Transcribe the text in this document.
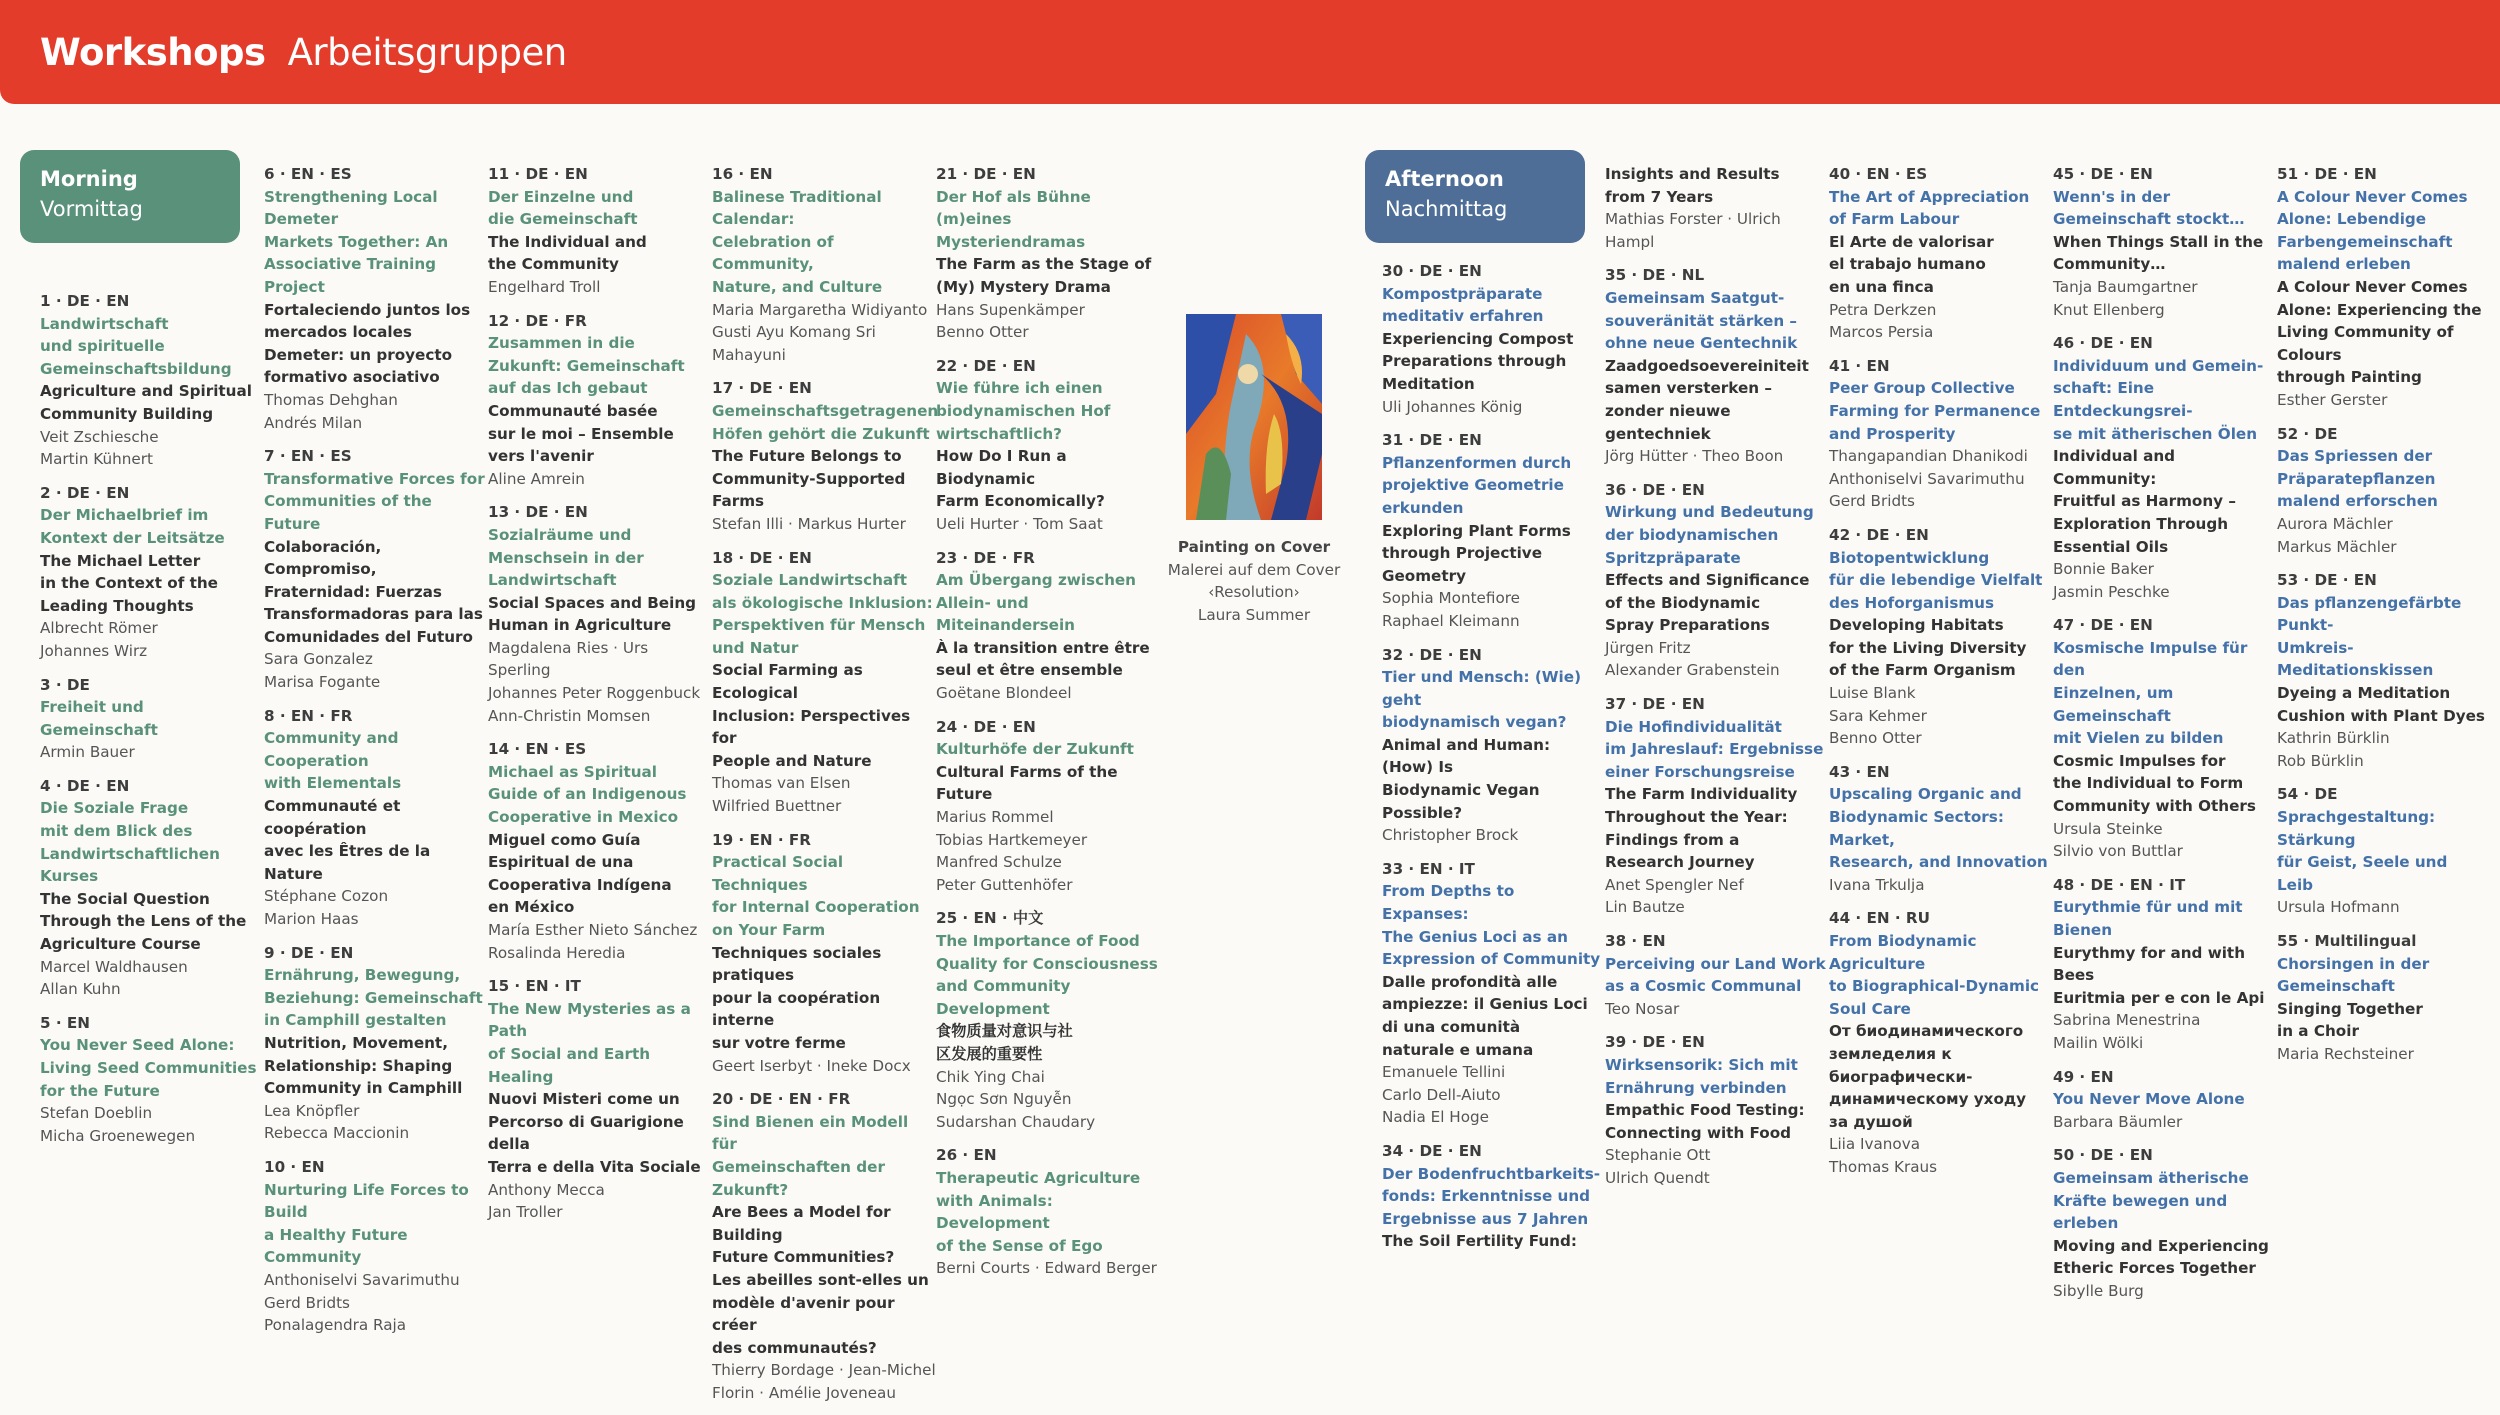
Workshops Arbeitsgruppen
Morning
Vormittag
Afternoon
Nachmittag
1 · DE · EN
Landwirtschaft
und spirituelle
Gemeinschaftsbildung
Agriculture and Spiritual
Community Building
Veit Zschiesche
Martin Kühnert
2 · DE · EN
Der Michaelbrief im
Kontext der Leitsätze
The Michael Letter
in the Context of the
Leading Thoughts
Albrecht Römer
Johannes Wirz
3 · DE
Freiheit und
Gemeinschaft
Armin Bauer
4 · DE · EN
Die Soziale Frage
mit dem Blick des
Landwirtschaftlichen
Kurses
The Social Question
Through the Lens of the
Agriculture Course
Marcel Waldhausen
Allan Kuhn
5 · EN
You Never Seed Alone:
Living Seed Communities
for the Future
Stefan Doeblin
Micha Groenewegen
6 · EN · ES
Strengthening Local Demeter
Markets Together: An
Associative Training Project
Fortaleciendo juntos los
mercados locales
Demeter: un proyecto
formativo asociativo
Thomas Dehghan
Andrés Milan
7 · EN · ES
Transformative Forces for
Communities of the Future
Colaboración, Compromiso,
Fraternidad: Fuerzas
Transformadoras para las
Comunidades del Futuro
Sara Gonzalez
Marisa Fogante
8 · EN · FR
Community and Cooperation
with Elementals
Communauté et coopération
avec les Êtres de la Nature
Stéphane Cozon
Marion Haas
9 · DE · EN
Ernährung, Bewegung,
Beziehung: Gemeinschaft
in Camphill gestalten
Nutrition, Movement,
Relationship: Shaping
Community in Camphill
Lea Knöpfler
Rebecca Maccionin
10 · EN
Nurturing Life Forces to Build
a Healthy Future Community
Anthoniselvi Savarimuthu
Gerd Bridts
Ponalagendra Raja
11 · DE · EN
Der Einzelne und
die Gemeinschaft
The Individual and
the Community
Engelhard Troll
12 · DE · FR
Zusammen in die
Zukunft: Gemeinschaft
auf das Ich gebaut
Communauté basée
sur le moi – Ensemble
vers l'avenir
Aline Amrein
13 · DE · EN
Sozialräume und
Menschsein in der
Landwirtschaft
Social Spaces and Being
Human in Agriculture
Magdalena Ries · Urs Sperling
Johannes Peter Roggenbuck
Ann-Christin Momsen
14 · EN · ES
Michael as Spiritual
Guide of an Indigenous
Cooperative in Mexico
Miguel como Guía
Espiritual de una
Cooperativa Indígena
en México
María Esther Nieto Sánchez
Rosalinda Heredia
15 · EN · IT
The New Mysteries as a Path
of Social and Earth Healing
Nuovi Misteri come un
Percorso di Guarigione della
Terra e della Vita Sociale
Anthony Mecca
Jan Troller
16 · EN
Balinese Traditional Calendar:
Celebration of Community,
Nature, and Culture
Maria Margaretha Widiyanto
Gusti Ayu Komang Sri
Mahayuni
17 · DE · EN
Gemeinschaftsgetragenen
Höfen gehört die Zukunft
The Future Belongs to
Community-Supported Farms
Stefan Illi · Markus Hurter
18 · DE · EN
Soziale Landwirtschaft
als ökologische Inklusion:
Perspektiven für Mensch
und Natur
Social Farming as Ecological
Inclusion: Perspectives for
People and Nature
Thomas van Elsen
Wilfried Buettner
19 · EN · FR
Practical Social Techniques
for Internal Cooperation
on Your Farm
Techniques sociales pratiques
pour la coopération interne
sur votre ferme
Geert Iserbyt · Ineke Docx
20 · DE · EN · FR
Sind Bienen ein Modell für
Gemeinschaften der Zukunft?
Are Bees a Model for Building
Future Communities?
Les abeilles sont-elles un
modèle d'avenir pour créer
des communautés?
Thierry Bordage · Jean-Michel
Florin · Amélie Joveneau
21 · DE · EN
Der Hof als Bühne (m)eines
Mysteriendramas
The Farm as the Stage of
(My) Mystery Drama
Hans Supenkämper
Benno Otter
22 · DE · EN
Wie führe ich einen
biodynamischen Hof
wirtschaftlich?
How Do I Run a Biodynamic
Farm Economically?
Ueli Hurter · Tom Saat
23 · DE · FR
Am Übergang zwischen
Allein- und Miteinandersein
À la transition entre être
seul et être ensemble
Goëtane Blondeel
24 · DE · EN
Kulturhöfe der Zukunft
Cultural Farms of the Future
Marius Rommel
Tobias Hartkemeyer
Manfred Schulze
Peter Guttenhöfer
25 · EN · 中文
The Importance of Food
Quality for Consciousness
and Community Development
食物质量对意识与社
区发展的重要性
Chik Ying Chai
Ngọc Sơn Nguyễn
Sudarshan Chaudary
26 · EN
Therapeutic Agriculture
with Animals: Development
of the Sense of Ego
Berni Courts · Edward Berger
30 · DE · EN
Kompostpräparate
meditativ erfahren
Experiencing Compost
Preparations through
Meditation
Uli Johannes König
31 · DE · EN
Pflanzenformen durch
projektive Geometrie
erkunden
Exploring Plant Forms
through Projective Geometry
Sophia Montefiore
Raphael Kleimann
32 · DE · EN
Tier und Mensch: (Wie) geht
biodynamisch vegan?
Animal and Human: (How) Is
Biodynamic Vegan Possible?
Christopher Brock
33 · EN · IT
From Depths to Expanses:
The Genius Loci as an
Expression of Community
Dalle profondità alle
ampiezze: il Genius Loci
di una comunità
naturale e umana
Emanuele Tellini
Carlo Dell-Aiuto
Nadia El Hoge
34 · DE · EN
Der Bodenfruchtbarkeits-
fonds: Erkenntnisse und
Ergebnisse aus 7 Jahren
The Soil Fertility Fund:
Insights and Results
from 7 Years
Mathias Forster · Ulrich Hampl
35 · DE · NL
Gemeinsam Saatgut-
souveränität stärken –
ohne neue Gentechnik
Zaadgoedsoevereiniteit
samen versterken –
zonder nieuwe gentechniek
Jörg Hütter · Theo Boon
36 · DE · EN
Wirkung und Bedeutung
der biodynamischen
Spritzpräparate
Effects and Significance
of the Biodynamic
Spray Preparations
Jürgen Fritz
Alexander Grabenstein
37 · DE · EN
Die Hofindividualität
im Jahreslauf: Ergebnisse
einer Forschungsreise
The Farm Individuality
Throughout the Year:
Findings from a
Research Journey
Anet Spengler Nef
Lin Bautze
38 · EN
Perceiving our Land Work
as a Cosmic Communal
Teo Nosar
39 · DE · EN
Wirksensorik: Sich mit
Ernährung verbinden
Empathic Food Testing:
Connecting with Food
Stephanie Ott
Ulrich Quendt
40 · EN · ES
The Art of Appreciation
of Farm Labour
El Arte de valorisar
el trabajo humano
en una finca
Petra Derkzen
Marcos Persia
41 · EN
Peer Group Collective
Farming for Permanence
and Prosperity
Thangapandian Dhanikodi
Anthoniselvi Savarimuthu
Gerd Bridts
42 · DE · EN
Biotopentwicklung
für die lebendige Vielfalt
des Hoforganismus
Developing Habitats
for the Living Diversity
of the Farm Organism
Luise Blank
Sara Kehmer
Benno Otter
43 · EN
Upscaling Organic and
Biodynamic Sectors: Market,
Research, and Innovation
Ivana Trkulja
44 · EN · RU
From Biodynamic Agriculture
to Biographical-Dynamic
Soul Care
От биодинамического
земледелия к
биографически-
динамическому уходу
за душой
Liia Ivanova
Thomas Kraus
45 · DE · EN
Wenn's in der
Gemeinschaft stockt…
When Things Stall in the
Community…
Tanja Baumgartner
Knut Ellenberg
46 · DE · EN
Individuum und Gemein-
schaft: Eine Entdeckungsrei-
se mit ätherischen Ölen
Individual and Community:
Fruitful as Harmony –
Exploration Through
Essential Oils
Bonnie Baker
Jasmin Peschke
47 · DE · EN
Kosmische Impulse für den
Einzelnen, um Gemeinschaft
mit Vielen zu bilden
Cosmic Impulses for
the Individual to Form
Community with Others
Ursula Steinke
Silvio von Buttlar
48 · DE · EN · IT
Eurythmie für und mit Bienen
Eurythmy for and with Bees
Euritmia per e con le Api
Sabrina Menestrina
Mailin Wölki
49 · EN
You Never Move Alone
Barbara Bäumler
50 · DE · EN
Gemeinsam ätherische
Kräfte bewegen und erleben
Moving and Experiencing
Etheric Forces Together
Sibylle Burg
51 · DE · EN
A Colour Never Comes
Alone: Lebendige
Farbengemeinschaft
malend erleben
A Colour Never Comes
Alone: Experiencing the
Living Community of Colours
through Painting
Esther Gerster
52 · DE
Das Spriessen der
Präparatepflanzen
malend erforschen
Aurora Mächler
Markus Mächler
53 · DE · EN
Das pflanzengefärbte Punkt-
Umkreis-Meditationskissen
Dyeing a Meditation
Cushion with Plant Dyes
Kathrin Bürklin
Rob Bürklin
54 · DE
Sprachgestaltung: Stärkung
für Geist, Seele und Leib
Ursula Hofmann
55 · Multilingual
Chorsingen in der
Gemeinschaft
Singing Together
in a Choir
Maria Rechsteiner
Painting on Cover
Malerei auf dem Cover
‹Resolution›
Laura Summer
